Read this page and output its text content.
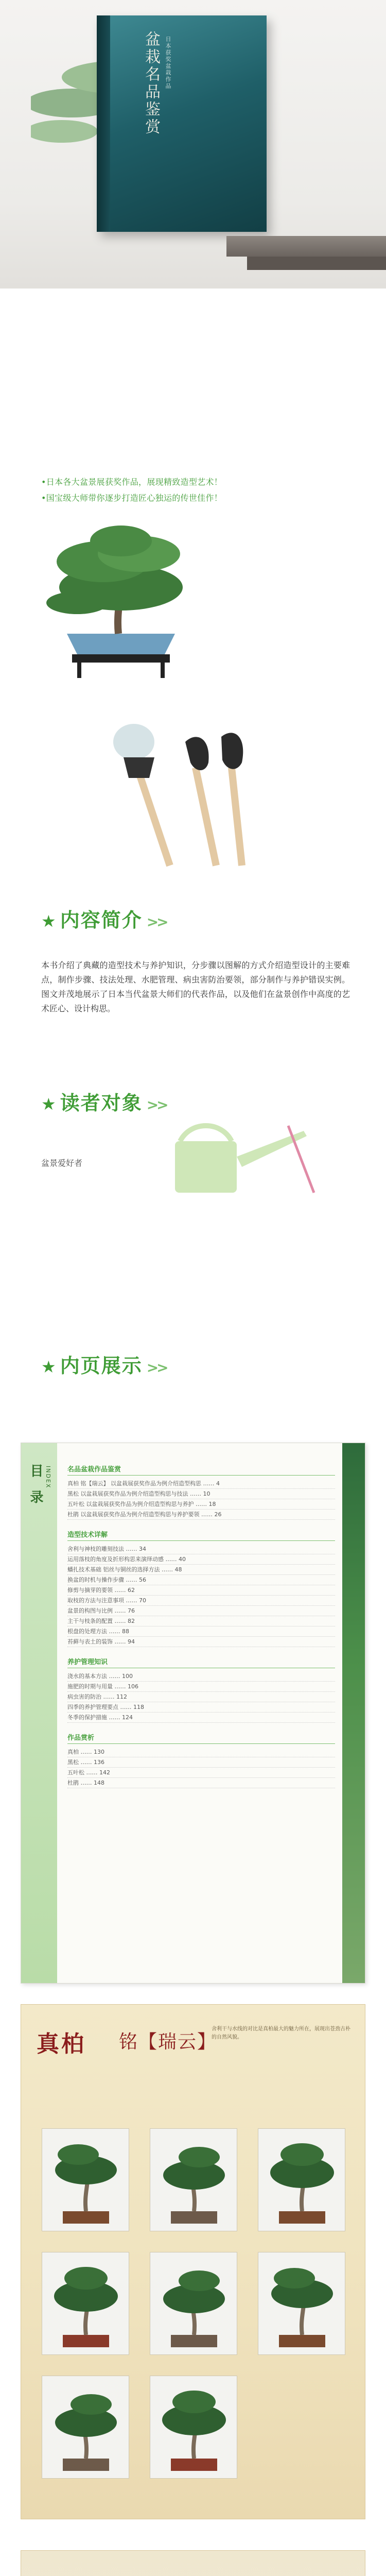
盆栽名品鉴赏 日本获奖盆栽作品
•日本各大盆景展获奖作品，展现精致造型艺术！
•国宝级大师带你逐步打造匠心独运的传世佳作！
★ 内容简介 >>
本书介绍了典藏的造型技术与养护知识，分步骤以图解的方式介绍造型设计的主要难点，制作步骤、技法处理、水肥管理、病虫害防治要领，部分制作与养护错误实例。图文并茂地展示了日本当代盆景大师们的代表作品，以及他们在盆景创作中高度的艺术匠心、设计构思。
★ 读者对象 >>
盆景爱好者
★ 内页展示 >>
目 录 INDEX 名品盆栽作品鉴赏
真柏 铭【瑞云】 以盆栽展获奖作品为例介绍造型构思 …… 4
黑松 以盆栽展获奖作品为例介绍造型构思与技法 …… 10
五叶松 以盆栽展获奖作品为例介绍造型构思与养护 …… 18
杜鹃 以盆栽展获奖作品为例介绍造型构思与养护要领 …… 26
造型技术详解
舍利与神枝的雕刻技法 …… 34
运用落枝的角度及折形构思来演绎动感 …… 40
蟠扎技术基础 铝丝与铜丝的选择方法 …… 48
换盆的时机与操作步骤 …… 56
修剪与摘芽的要领 …… 62
取枝的方法与注意事项 …… 70
盆景的构图与比例 …… 76
主干与枝条的配置 …… 82
根盘的处理方法 …… 88
苔藓与表土的装饰 …… 94
养护管理知识
浇水的基本方法 …… 100
施肥的时期与用量 …… 106
病虫害的防治 …… 112
四季的养护管理要点 …… 118
冬季的保护措施 …… 124
作品赏析
真柏 …… 130
黑松 …… 136
五叶松 …… 142
杜鹃 …… 148
真柏 铭【瑞云】
舍利干与水线的对比是真柏最大的魅力所在，展现出苍劲古朴的自然风貌。
